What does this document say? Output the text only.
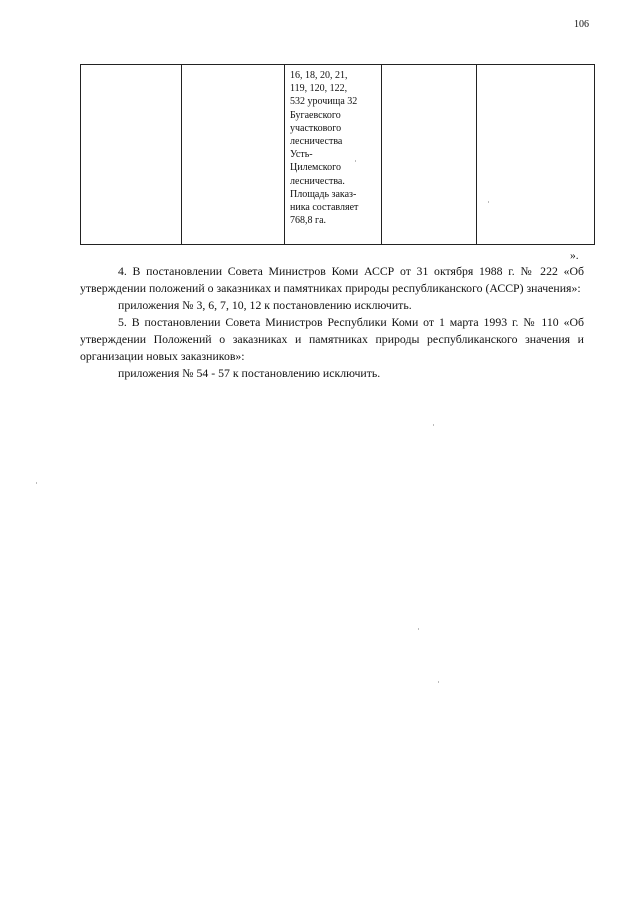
106
16, 18, 20, 21,
119, 120, 122,
532 урочища 32
Бугаевского
участкового
лесничества
Усть-
Цилемского
лесничества.
Площадь заказ-
ника составляет
768,8 га.
».

4. В постановлении Совета Министров Коми АССР от 31 октября 1988 г. № 222 «Об утверждении положений о заказниках и памятниках природы республиканского (АССР) значения»:

приложения № 3, 6, 7, 10, 12 к постановлению исключить.

5. В постановлении Совета Министров Республики Коми от 1 марта 1993 г. № 110 «Об утверждении Положений о заказниках и памятниках природы республиканского значения и организации новых заказников»:

приложения № 54 - 57 к постановлению исключить.
